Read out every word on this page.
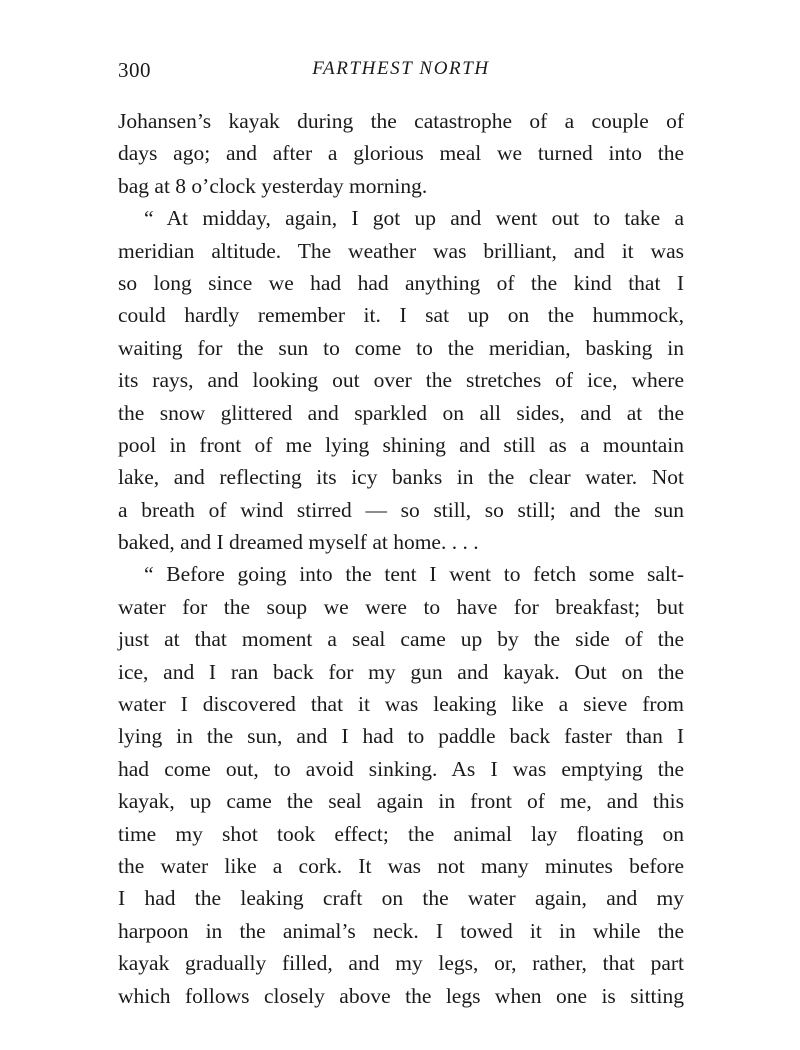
300	FARTHEST NORTH
Johansen’s kayak during the catastrophe of a couple of
days ago; and after a glorious meal we turned into the
bag at 8 o’clock yesterday morning.
“ At midday, again, I got up and went out to take a
meridian altitude. The weather was brilliant, and it was
so long since we had had anything of the kind that I
could hardly remember it. I sat up on the hummock,
waiting for the sun to come to the meridian, basking in
its rays, and looking out over the stretches of ice, where
the snow glittered and sparkled on all sides, and at the
pool in front of me lying shining and still as a mountain
lake, and reflecting its icy banks in the clear water. Not
a breath of wind stirred — so still, so still; and the sun
baked, and I dreamed myself at home. . . .
“ Before going into the tent I went to fetch some salt-
water for the soup we were to have for breakfast; but
just at that moment a seal came up by the side of the
ice, and I ran back for my gun and kayak. Out on the
water I discovered that it was leaking like a sieve from
lying in the sun, and I had to paddle back faster than I
had come out, to avoid sinking. As I was emptying the
kayak, up came the seal again in front of me, and this
time my shot took effect; the animal lay floating on
the water like a cork. It was not many minutes before
I had the leaking craft on the water again, and my
harpoon in the animal’s neck. I towed it in while the
kayak gradually filled, and my legs, or, rather, that part
which follows closely above the legs when one is sitting
